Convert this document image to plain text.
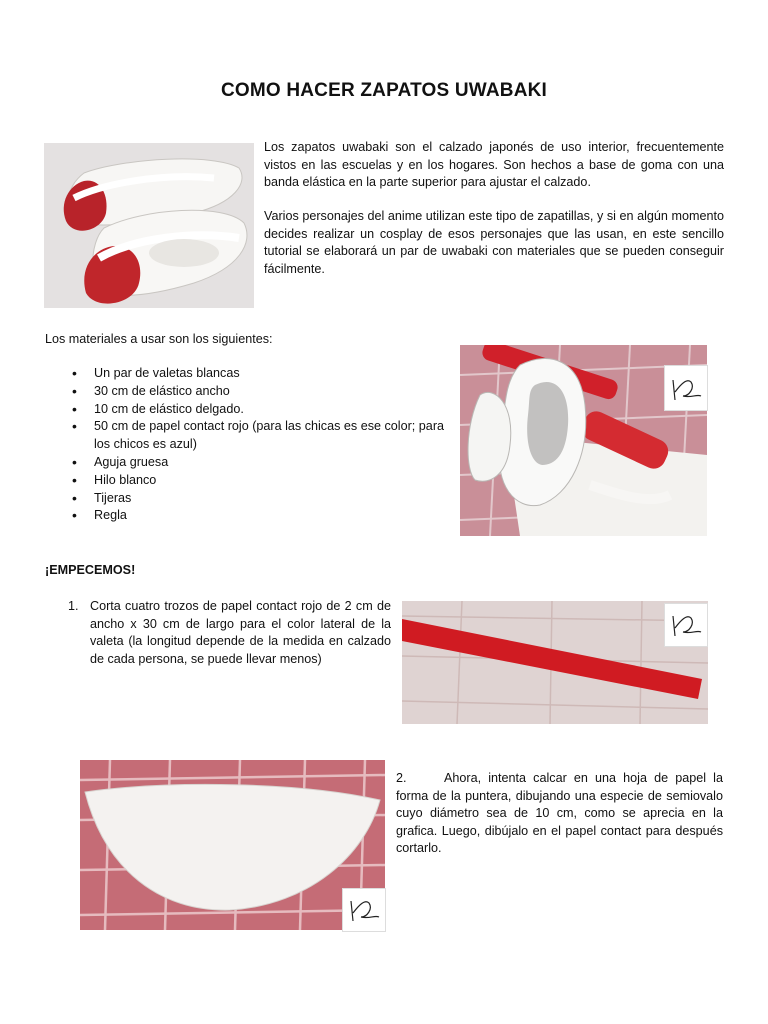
COMO HACER ZAPATOS UWABAKI
Los zapatos uwabaki son el calzado japonés de uso interior, frecuentemente vistos en las escuelas y en los hogares. Son hechos a base de goma con una banda elástica en la parte superior para ajustar el calzado.
Varios personajes del anime utilizan este tipo de zapatillas, y si en algún momento decides realizar un cosplay de esos personajes que las usan, en este sencillo tutorial se elaborará un par de uwabaki con materiales que se pueden conseguir fácilmente.
Los materiales a usar son los siguientes:
• Un par de valetas blancas
• 30 cm de elástico ancho
• 10 cm de elástico delgado.
• 50 cm de papel contact rojo (para las chicas es ese color; para los chicos es azul)
• Aguja gruesa
• Hilo blanco
• Tijeras
• Regla
¡EMPECEMOS!
1. Corta cuatro trozos de papel contact rojo de 2 cm de ancho x 30 cm de largo para el color lateral de la valeta (la longitud depende de la medida en calzado de cada persona, se puede llevar menos)
2.	Ahora, intenta calcar en una hoja de papel la forma de la puntera, dibujando una especie de semiovalo cuyo diámetro sea de 10 cm, como se aprecia en la grafica. Luego, dibújalo en el papel contact para después cortarlo.
